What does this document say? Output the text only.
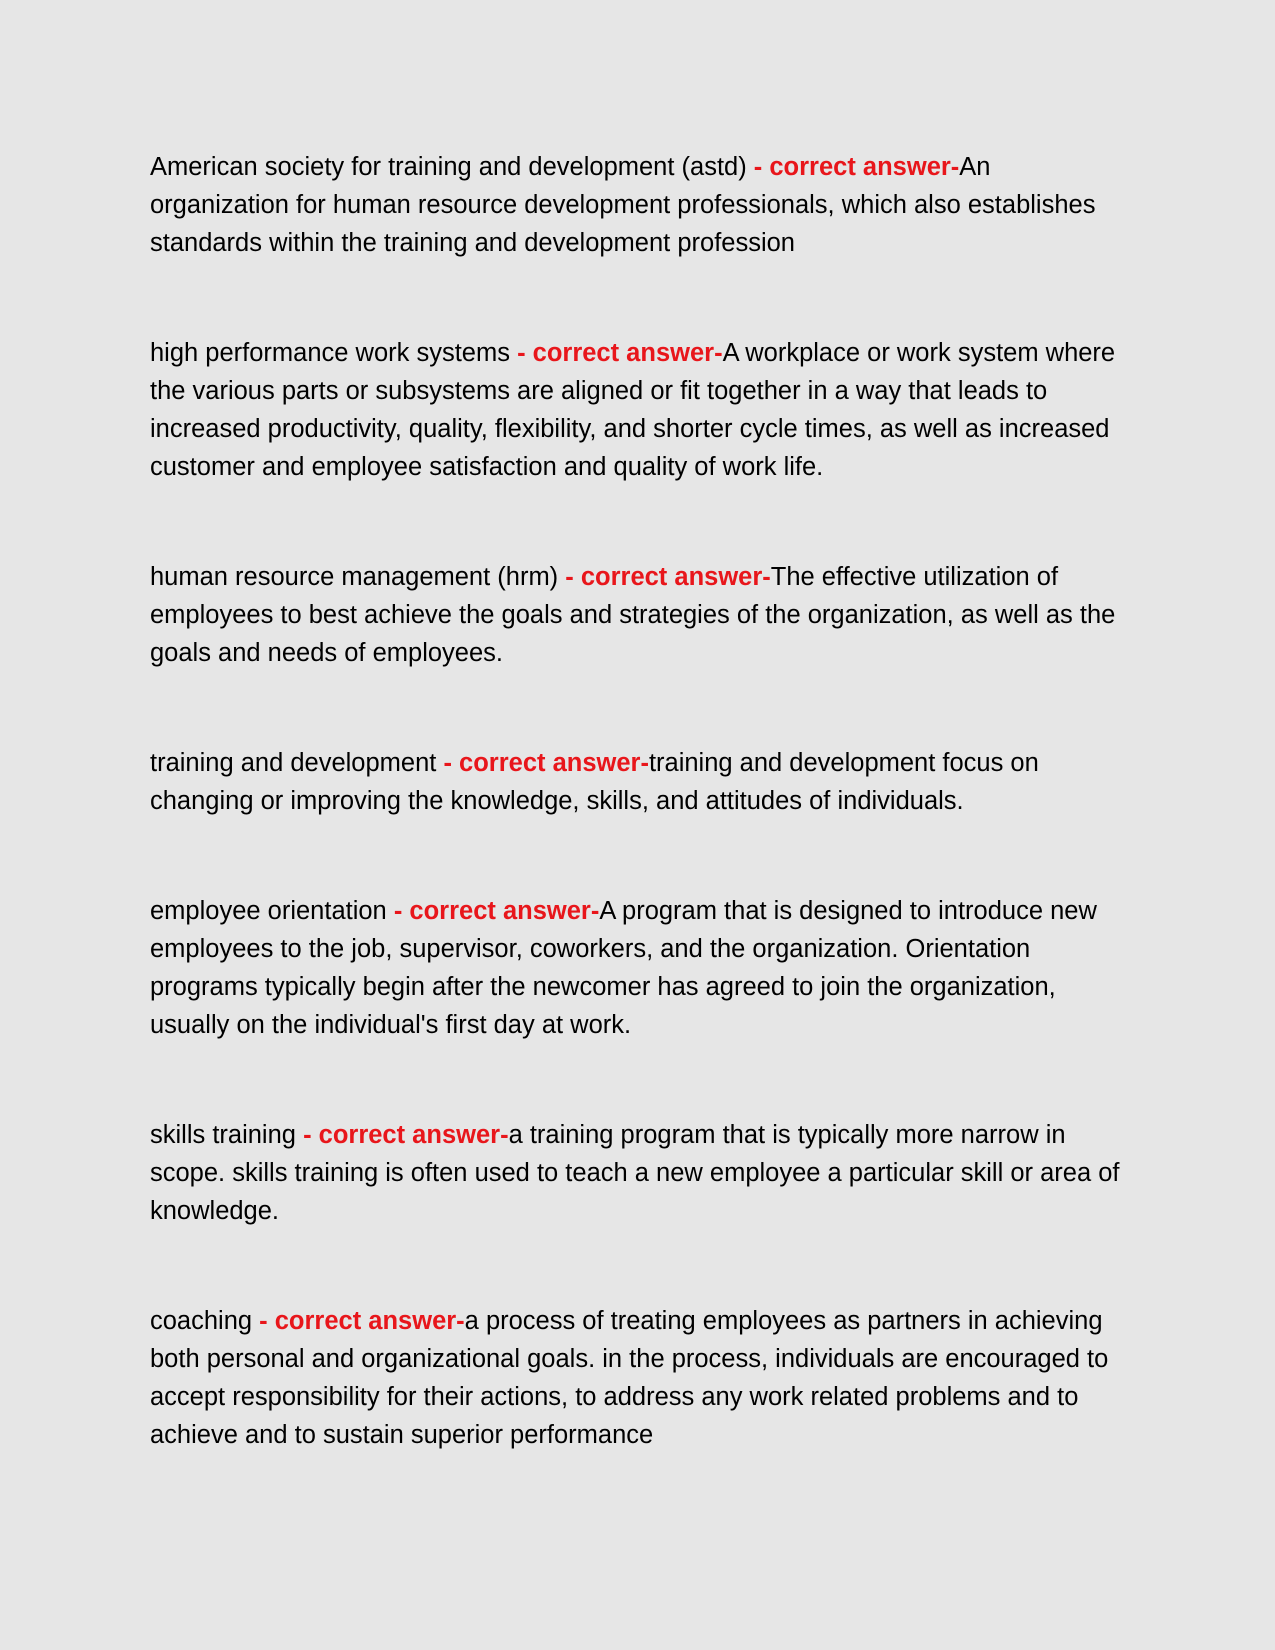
American society for training and development (astd) - correct answer-An organization for human resource development professionals, which also establishes standards within the training and development profession

high performance work systems - correct answer-A workplace or work system where the various parts or subsystems are aligned or fit together in a way that leads to increased productivity, quality, flexibility, and shorter cycle times, as well as increased customer and employee satisfaction and quality of work life.

human resource management (hrm) - correct answer-The effective utilization of employees to best achieve the goals and strategies of the organization, as well as the goals and needs of employees.

training and development - correct answer-training and development focus on changing or improving the knowledge, skills, and attitudes of individuals.

employee orientation - correct answer-A program that is designed to introduce new employees to the job, supervisor, coworkers, and the organization. Orientation programs typically begin after the newcomer has agreed to join the organization, usually on the individual's first day at work.

skills training - correct answer-a training program that is typically more narrow in scope. skills training is often used to teach a new employee a particular skill or area of knowledge.

coaching - correct answer-a process of treating employees as partners in achieving both personal and organizational goals. in the process, individuals are encouraged to accept responsibility for their actions, to address any work related problems and to achieve and to sustain superior performance
